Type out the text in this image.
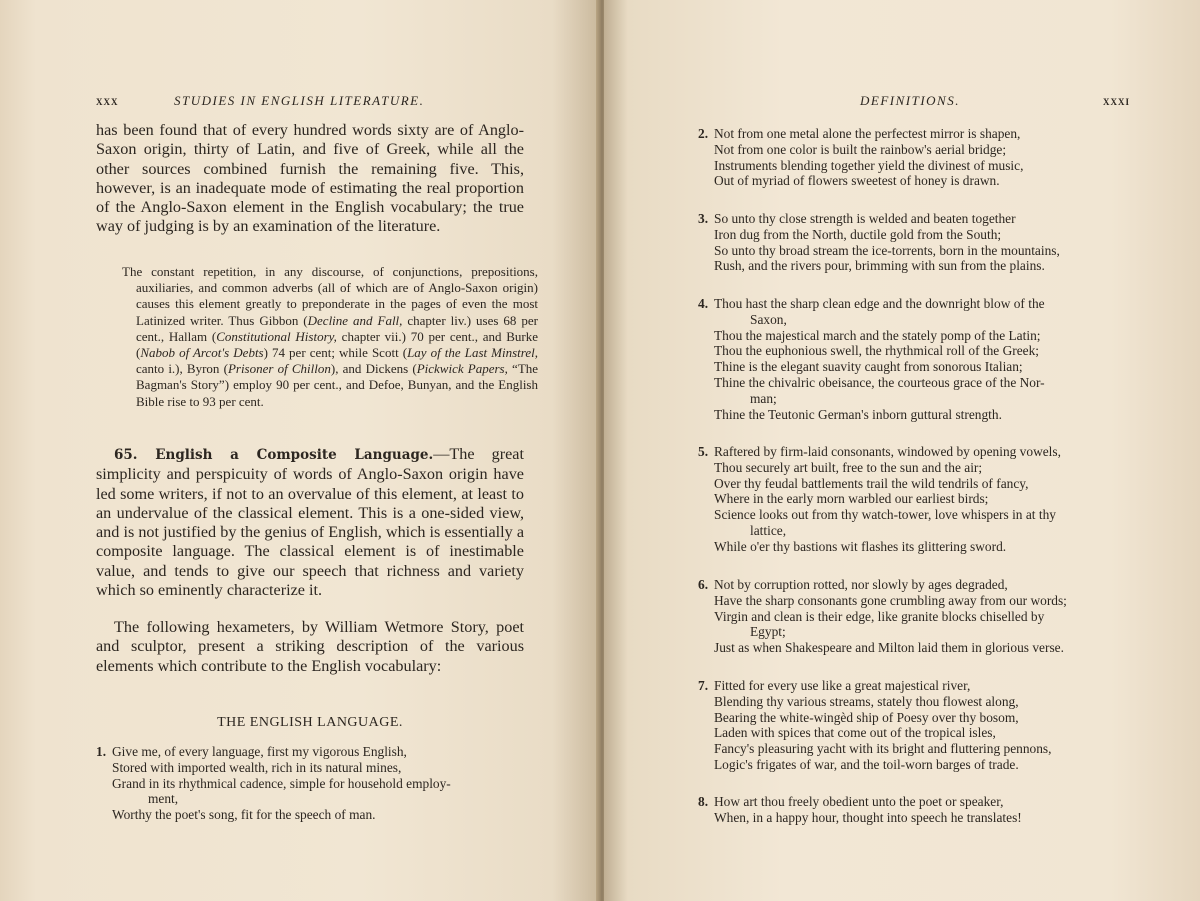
xxx	STUDIES IN ENGLISH LITERATURE.
has been found that of every hundred words sixty are of Anglo-Saxon origin, thirty of Latin, and five of Greek, while all the other sources combined furnish the remaining five. This, however, is an inadequate mode of estimating the real proportion of the Anglo-Saxon element in the English vocabulary; the true way of judging is by an examination of the literature.
The constant repetition, in any discourse, of conjunctions, prepositions, auxiliaries, and common adverbs (all of which are of Anglo-Saxon origin) causes this element greatly to preponderate in the pages of even the most Latinized writer. Thus Gibbon (Decline and Fall, chapter liv.) uses 68 per cent., Hallam (Constitutional History, chapter vii.) 70 per cent., and Burke (Nabob of Arcot's Debts) 74 per cent; while Scott (Lay of the Last Minstrel, canto i.), Byron (Prisoner of Chillon), and Dickens (Pickwick Papers, “The Bagman's Story”) employ 90 per cent., and Defoe, Bunyan, and the English Bible rise to 93 per cent.
65. English a Composite Language.—The great simplicity and perspicuity of words of Anglo-Saxon origin have led some writers, if not to an overvalue of this element, at least to an undervalue of the classical element. This is a one-sided view, and is not justified by the genius of English, which is essentially a composite language. The classical element is of inestimable value, and tends to give our speech that richness and variety which so eminently characterize it.
The following hexameters, by William Wetmore Story, poet and sculptor, present a striking description of the various elements which contribute to the English vocabulary:
THE ENGLISH LANGUAGE.
1. Give me, of every language, first my vigorous English,
Stored with imported wealth, rich in its natural mines,
Grand in its rhythmical cadence, simple for household employ-
ment,
Worthy the poet's song, fit for the speech of man.
DEFINITIONS.	xxxi
2. Not from one metal alone the perfectest mirror is shapen,
Not from one color is built the rainbow's aerial bridge;
Instruments blending together yield the divinest of music,
Out of myriad of flowers sweetest of honey is drawn.
3. So unto thy close strength is welded and beaten together
Iron dug from the North, ductile gold from the South;
So unto thy broad stream the ice-torrents, born in the mountains,
Rush, and the rivers pour, brimming with sun from the plains.
4. Thou hast the sharp clean edge and the downright blow of the
Saxon,
Thou the majestical march and the stately pomp of the Latin;
Thou the euphonious swell, the rhythmical roll of the Greek;
Thine is the elegant suavity caught from sonorous Italian;
Thine the chivalric obeisance, the courteous grace of the Nor-
man;
Thine the Teutonic German's inborn guttural strength.
5. Raftered by firm-laid consonants, windowed by opening vowels,
Thou securely art built, free to the sun and the air;
Over thy feudal battlements trail the wild tendrils of fancy,
Where in the early morn warbled our earliest birds;
Science looks out from thy watch-tower, love whispers in at thy
lattice,
While o'er thy bastions wit flashes its glittering sword.
6. Not by corruption rotted, nor slowly by ages degraded,
Have the sharp consonants gone crumbling away from our words;
Virgin and clean is their edge, like granite blocks chiselled by
Egypt;
Just as when Shakespeare and Milton laid them in glorious verse.
7. Fitted for every use like a great majestical river,
Blending thy various streams, stately thou flowest along,
Bearing the white-wingèd ship of Poesy over thy bosom,
Laden with spices that come out of the tropical isles,
Fancy's pleasuring yacht with its bright and fluttering pennons,
Logic's frigates of war, and the toil-worn barges of trade.
8. How art thou freely obedient unto the poet or speaker,
When, in a happy hour, thought into speech he translates!
